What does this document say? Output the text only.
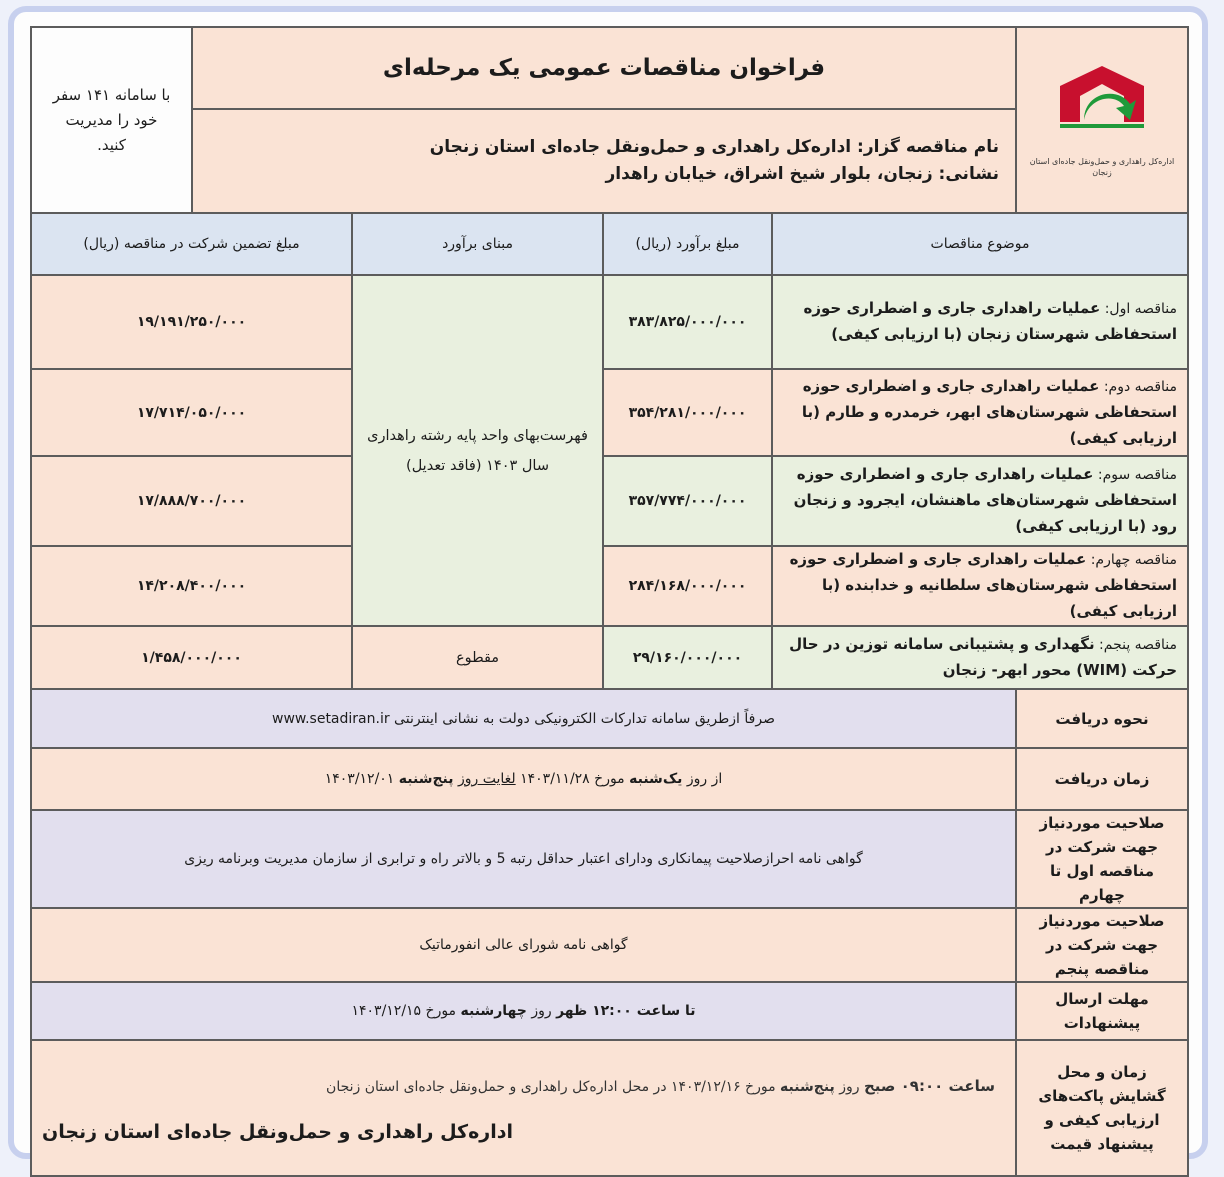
اداره‌کل راهداری و حمل‌ونقل جاده‌ای استان زنجان	فراخوان مناقصات عمومی یک مرحله‌ای				با سامانه ۱۴۱ سفر
خود را مدیریت
کنید.

	نام مناقصه گزار: اداره‌کل راهداری و حمل‌ونقل جاده‌ای استان زنجان
نشانی: زنجان، بلوار شیخ اشراق، خیابان راهدار				

موضوع مناقصات		مبلغ برآورد (ریال)	مبنای برآورد	مبلغ تضمین شرکت در مناقصه (ریال)	
مناقصه اول: عملیات راهداری جاری و اضطراری حوزه استحفاظی شهرستان زنجان (با ارزیابی کیفی)		۳۸۳/۸۲۵/۰۰۰/۰۰۰	فهرست‌بهای واحد پایه رشته راهداری سال ۱۴۰۳ (فاقد تعدیل)	۱۹/۱۹۱/۲۵۰/۰۰۰	
مناقصه دوم: عملیات راهداری جاری و اضطراری حوزه استحفاظی شهرستان‌های ابهر، خرمدره و طارم (با ارزیابی کیفی)		۳۵۴/۲۸۱/۰۰۰/۰۰۰		۱۷/۷۱۴/۰۵۰/۰۰۰	
مناقصه سوم: عملیات راهداری جاری و اضطراری حوزه استحفاظی شهرستان‌های ماهنشان، ایجرود و زنجان رود (با ارزیابی کیفی)		۳۵۷/۷۷۴/۰۰۰/۰۰۰		۱۷/۸۸۸/۷۰۰/۰۰۰	
مناقصه چهارم: عملیات راهداری جاری و اضطراری حوزه استحفاظی شهرستان‌های سلطانیه و خدابنده (با ارزیابی کیفی)		۲۸۴/۱۶۸/۰۰۰/۰۰۰		۱۴/۲۰۸/۴۰۰/۰۰۰	
مناقصه پنجم: نگهداری و پشتیبانی سامانه توزین در حال حرکت (WIM) محور ابهر- زنجان		۲۹/۱۶۰/۰۰۰/۰۰۰	مقطوع	۱/۴۵۸/۰۰۰/۰۰۰	
نحوه دریافت	صرفاً ازطریق سامانه تدارکات الکترونیکی دولت به نشانی اینترنتی www.setadiran.ir				
زمان دریافت	از روز یک‌شنبه مورخ ۱۴۰۳/۱۱/۲۸ لغایت روز پنج‌شنبه ۱۴۰۳/۱۲/۰۱				
صلاحیت موردنیاز جهت شرکت در مناقصه اول تا چهارم	گواهی نامه احرازصلاحیت پیمانکاری ودارای اعتبار حداقل رتبه 5 و بالاتر راه و ترابری از سازمان مدیریت وبرنامه ریزی				
صلاحیت موردنیاز جهت شرکت در مناقصه پنجم	گواهی نامه شورای عالی انفورماتیک				
مهلت ارسال پیشنهادات	تا ساعت ۱۲:۰۰ ظهر روز چهارشنبه مورخ ۱۴۰۳/۱۲/۱۵				
زمان و محل گشایش پاکت‌های ارزیابی کیفی و پیشنهاد قیمت	ساعت ۰۹:۰۰ صبح روز پنج‌شنبه مورخ ۱۴۰۳/۱۲/۱۶ در محل اداره‌کل راهداری و حمل‌ونقل جاده‌ای استان زنجان
اداره‌کل راهداری و حمل‌ونقل جاده‌ای استان زنجان				
